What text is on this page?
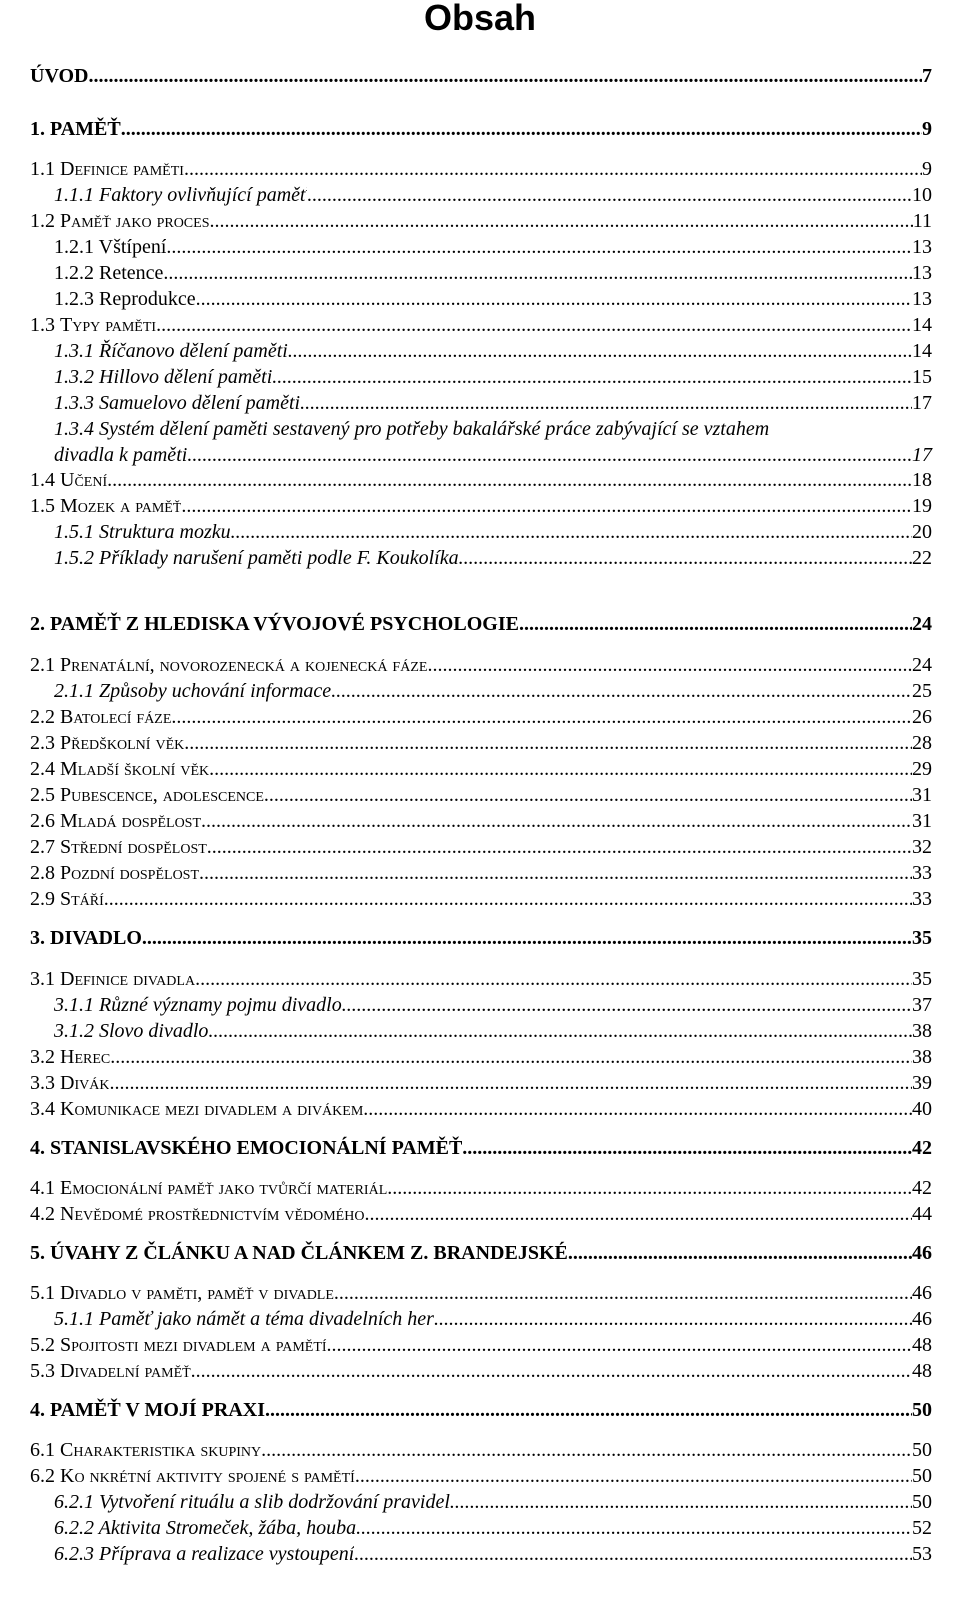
Obsah
ÚVOD .....	7
1. PAMĚŤ .....	9
1.1 Definice paměti .....	9
1.1.1 Faktory ovlivňující paměť .....	10
1.2 Paměť jako proces .....	11
1.2.1 Vštípení .....	13
1.2.2 Retence .....	13
1.2.3 Reprodukce .....	13
1.3 Typy paměti .....	14
1.3.1 Říčanovo dělení paměti .....	14
1.3.2 Hillovo dělení paměti .....	15
1.3.3 Samuelovo dělení paměti .....	17
1.3.4 Systém dělení paměti sestavený pro potřeby bakalářské práce zabývající se vztahem
divadla k paměti .....	17
1.4 Učení .....	18
1.5 Mozek a paměť .....	19
1.5.1 Struktura mozku .....	20
1.5.2 Příklady narušení paměti podle F. Koukolíka .....	22
2. PAMĚŤ Z HLEDISKA VÝVOJOVÉ PSYCHOLOGIE .....	24
2.1 Prenatální, novorozenecká a kojenecká fáze .....	24
2.1.1 Způsoby uchování informace .....	25
2.2 Batolecí fáze .....	26
2.3 Předškolní věk .....	28
2.4 Mladší školní věk .....	29
2.5 Pubescence, adolescence .....	31
2.6 Mladá dospělost .....	31
2.7 Střední dospělost .....	32
2.8 Pozdní dospělost .....	33
2.9 Stáří .....	33
3. DIVADLO .....	35
3.1 Definice divadla .....	35
3.1.1 Různé významy pojmu divadlo .....	37
3.1.2 Slovo divadlo .....	38
3.2 Herec .....	38
3.3 Divák .....	39
3.4 Komunikace mezi divadlem a divákem .....	40
4. STANISLAVSKÉHO EMOCIONÁLNÍ PAMĚŤ .....	42
4.1 Emocionální paměť jako tvůrčí materiál .....	42
4.2 Nevědomé prostřednictvím vědomého .....	44
5. ÚVAHY Z ČLÁNKU A NAD ČLÁNKEM Z. BRANDEJSKÉ .....	46
5.1 Divadlo v paměti, paměť v divadle .....	46
5.1.1 Paměť jako námět a téma divadelních her .....	46
5.2 Spojitosti mezi divadlem a pamětí .....	48
5.3 Divadelní paměť .....	48
4. PAMĚŤ V MOJÍ PRAXI .....	50
6.1 Charakteristika skupiny .....	50
6.2 Ko nkrétní aktivity spojené s pamětí .....	50
6.2.1 Vytvoření rituálu a slib dodržování pravidel .....	50
6.2.2 Aktivita Stromeček, žába, houba .....	52
6.2.3 Příprava a realizace vystoupení .....	53
